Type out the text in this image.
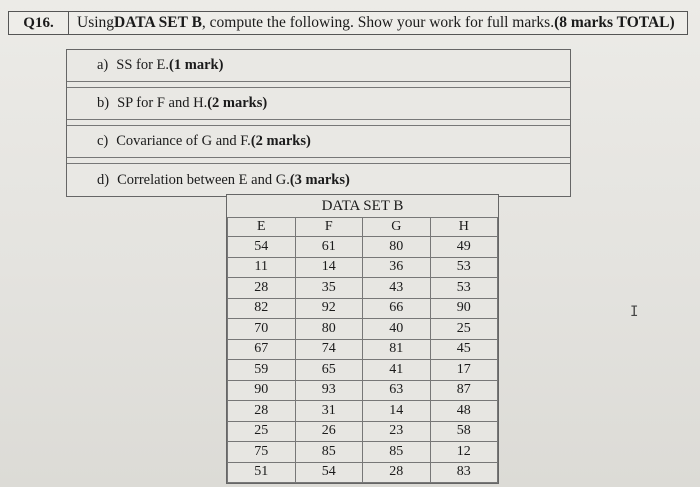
Q16.	Using DATA SET B , compute the following. Show your work for full marks. (8 marks TOTAL)
a) SS for E. (1 mark)
b) SP for F and H. (2 marks)
c) Covariance of G and F. (2 marks)
d) Correlation between E and G. (3 marks)
DATA SET B
E	F	G	H
54	61	80	49
11	14	36	53
28	35	43	53
82	92	66	90
70	80	40	25
67	74	81	45
59	65	41	17
90	93	63	87
28	31	14	48
25	26	23	58
75	85	85	12
51	54	28	83
I
